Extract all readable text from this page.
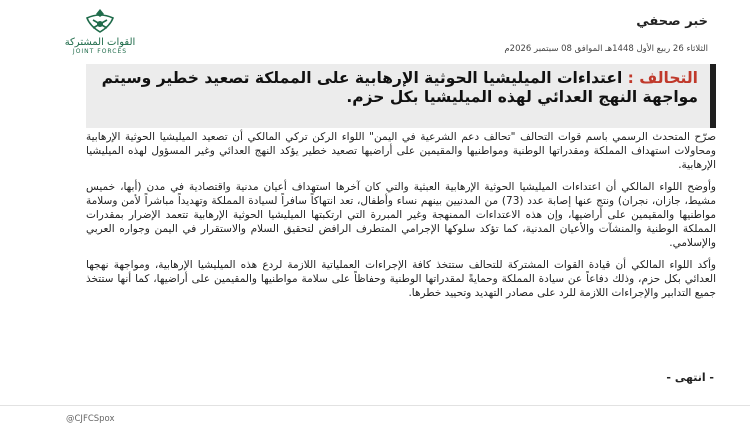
القوات المشتركة
JOINT FORCES
خبر صحفي
الثلاثاء 26 ربيع الأول 1448هـ الموافق 08 سبتمبر 2026م
التحالف : اعتداءات الميليشيا الحوثية الإرهابية على المملكة تصعيد خطير وسيتم مواجهة النهج العدائي لهذه الميليشيا بكل حزم.

صرّح المتحدث الرسمي باسم قوات التحالف "تحالف دعم الشرعية في اليمن" اللواء الركن تركي المالكي أن تصعيد الميليشيا الحوثية الإرهابية ومحاولات استهداف المملكة ومقدراتها الوطنية ومواطنيها والمقيمين على أراضيها تصعيد خطير يؤكد النهج العدائي وغير المسؤول لهذه الميليشيا الإرهابية.

وأوضح اللواء المالكي أن اعتداءات الميليشيا الحوثية الإرهابية العبثية والتي كان آخرها استهداف أعيان مدنية واقتصادية في مدن (أبها، خميس مشيط، جازان، نجران) ونتج عنها إصابة عدد (73) من المدنيين بينهم نساء وأطفال، تعد انتهاكاً سافراً لسيادة المملكة وتهديداً مباشراً لأمن وسلامة مواطنيها والمقيمين على أراضيها، وإن هذه الاعتداءات الممنهجة وغير المبررة التي ارتكبتها الميليشيا الحوثية الإرهابية تتعمد الإضرار بمقدرات المملكة الوطنية والمنشآت والأعيان المدنية، كما تؤكد سلوكها الإجرامي المتطرف الرافض لتحقيق السلام والاستقرار في اليمن وجواره العربي والإسلامي.

وأكد اللواء المالكي أن قيادة القوات المشتركة للتحالف ستتخذ كافة الإجراءات العملياتية اللازمة لردع هذه الميليشيا الإرهابية، ومواجهة نهجها العدائي بكل حزم، وذلك دفاعاً عن سيادة المملكة وحمايةً لمقدراتها الوطنية وحفاظاً على سلامة مواطنيها والمقيمين على أراضيها، كما أنها ستتخذ جميع التدابير والإجراءات اللازمة للرد على مصادر التهديد وتحييد خطرها.

- انتهى -
@CJFCSpox
